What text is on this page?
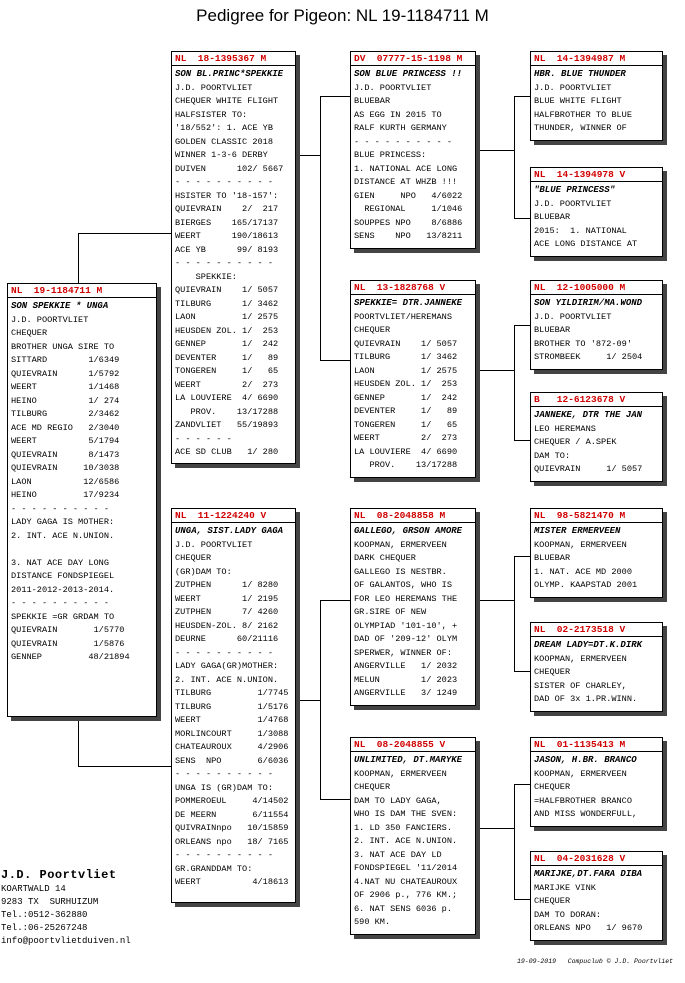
Pedigree for Pigeon: NL 19-1184711 M
NL  19-1184711 M
SON SPEKKIE * UNGA
J.D. POORTVLIET
CHEQUER
BROTHER UNGA SIRE TO
SITTARD        1/6349
QUIEVRAIN      1/5792
WEERT          1/1468
HEINO          1/ 274
TILBURG        2/3462
ACE MD REGIO   2/3040
WEERT          5/1794
QUIEVRAIN      8/1473
QUIEVRAIN     10/3038
LAON          12/6586
HEINO         17/9234
- - - - - - - - - -
LADY GAGA IS MOTHER:
2. INT. ACE N.UNION.
3. NAT ACE DAY LONG
DISTANCE FONDSPIEGEL
2011-2012-2013-2014.
- - - - - - - - - -
SPEKKIE =GR GRDAM TO
QUIEVRAIN       1/5770
QUIEVRAIN       1/5876
GENNEP         48/21894
NL  18-1395367 M
SON BL.PRINC*SPEKKIE
J.D. POORTVLIET
CHEQUER WHITE FLIGHT
HALFSISTER TO:
'18/552': 1. ACE YB
GOLDEN CLASSIC 2018
WINNER 1-3-6 DERBY
DUIVEN      102/ 5667
- - - - - - - - - -
HSISTER TO '18-157':
QUIEVRAIN    2/  217
BIERGES    165/17137
WEERT      190/18613
ACE YB      99/ 8193
- - - - - - - - - -
SPEKKIE:
QUIEVRAIN    1/ 5057
TILBURG      1/ 3462
LAON         1/ 2575
HEUSDEN ZOL. 1/  253
GENNEP       1/  242
DEVENTER     1/   89
TONGEREN     1/   65
WEERT        2/  273
LA LOUVIERE  4/ 6690
PROV.    13/17288
ZANDVLIET   55/19893
- - - - - -
ACE SD CLUB   1/ 280
NL  11-1224240 V
UNGA, SIST.LADY GAGA
J.D. POORTVLIET
CHEQUER
(GR)DAM TO:
ZUTPHEN      1/ 8280
WEERT        1/ 2195
ZUTPHEN      7/ 4260
HEUSDEN-ZOL. 8/ 2162
DEURNE      60/21116
- - - - - - - - - -
LADY GAGA(GR)MOTHER:
2. INT. ACE N.UNION.
TILBURG         1/7745
TILBURG         1/5176
WEERT           1/4768
MORLINCOURT     1/3088
CHATEAUROUX     4/2906
SENS  NPO       6/6036
- - - - - - - - - -
UNGA IS (GR)DAM TO:
POMMEROEUL     4/14502
DE MEERN       6/11554
QUIVRAINnpo   10/15859
ORLEANS npo   18/ 7165
- - - - - - - - - -
GR.GRANDDAM TO:
WEERT          4/18613
DV  07777-15-1198 M
SON BLUE PRINCESS !!
J.D. POORTVLIET
BLUEBAR
AS EGG IN 2015 TO
RALF KURTH GERMANY
- - - - - - - - - -
BLUE PRINCESS:
1. NATIONAL ACE LONG
DISTANCE AT WHZB !!!
GIEN     NPO   4/6022
REGIONAL     1/1046
SOUPPES NPO    8/6886
SENS    NPO   13/8211
NL  13-1828768 V
SPEKKIE= DTR.JANNEKE
POORTVLIET/HEREMANS
CHEQUER
QUIEVRAIN    1/ 5057
TILBURG      1/ 3462
LAON         1/ 2575
HEUSDEN ZOL. 1/  253
GENNEP       1/  242
DEVENTER     1/   89
TONGEREN     1/   65
WEERT        2/  273
LA LOUVIERE  4/ 6690
PROV.    13/17288
NL  08-2048858 M
GALLEGO, GRSON AMORE
KOOPMAN, ERMERVEEN
DARK CHEQUER
GALLEGO IS NESTBR.
OF GALANTOS, WHO IS
FOR LEO HEREMANS THE
GR.SIRE OF NEW
OLYMPIAD '101-10', +
DAD OF '209-12' OLYM
SPERWER, WINNER OF:
ANGERVILLE   1/ 2032
MELUN        1/ 2023
ANGERVILLE   3/ 1249
NL  08-2048855 V
UNLIMITED, DT.MARYKE
KOOPMAN, ERMERVEEN
CHEQUER
DAM TO LADY GAGA,
WHO IS DAM THE SVEN:
1. LD 350 FANCIERS.
2. INT. ACE N.UNION.
3. NAT ACE DAY LD
FONDSPIEGEL '11/2014
4.NAT NU CHATEAUROUX
OF 2906 p., 776 KM.;
6. NAT SENS 6036 p.
590 KM.
NL  14-1394987 M
HBR. BLUE THUNDER
J.D. POORTVLIET
BLUE WHITE FLIGHT
HALFBROTHER TO BLUE
THUNDER, WINNER OF
NL  14-1394978 V
"BLUE PRINCESS"
J.D. POORTVLIET
BLUEBAR
2015:  1. NATIONAL
ACE LONG DISTANCE AT
NL  12-1005000 M
SON YILDIRIM/MA.WOND
J.D. POORTVLIET
BLUEBAR
BROTHER TO '872-09'
STROMBEEK     1/ 2504
B   12-6123678 V
JANNEKE, DTR THE JAN
LEO HEREMANS
CHEQUER / A.SPEK
DAM TO:
QUIEVRAIN     1/ 5057
NL  98-5821470 M
MISTER ERMERVEEN
KOOPMAN, ERMERVEEN
BLUEBAR
1. NAT. ACE MD 2000
OLYMP. KAAPSTAD 2001
NL  02-2173518 V
DREAM LADY=DT.K.DIRK
KOOPMAN, ERMERVEEN
CHEQUER
SISTER OF CHARLEY,
DAD OF 3x 1.PR.WINN.
NL  01-1135413 M
JASON, H.BR. BRANCO
KOOPMAN, ERMERVEEN
CHEQUER
=HALFBROTHER BRANCO
AND MISS WONDERFULL,
NL  04-2031628 V
MARIJKE,DT.FARA DIBA
MARIJKE VINK
CHEQUER
DAM TO DORAN:
ORLEANS NPO   1/ 9670
J.D. Poortvliet
KOARTWALD 14
9283 TX  SURHUIZUM
Tel.:0512-362880
Tel.:06-25267248
info@poortvlietduiven.nl
19-09-2019   Compuclub © J.D. Poortvliet
